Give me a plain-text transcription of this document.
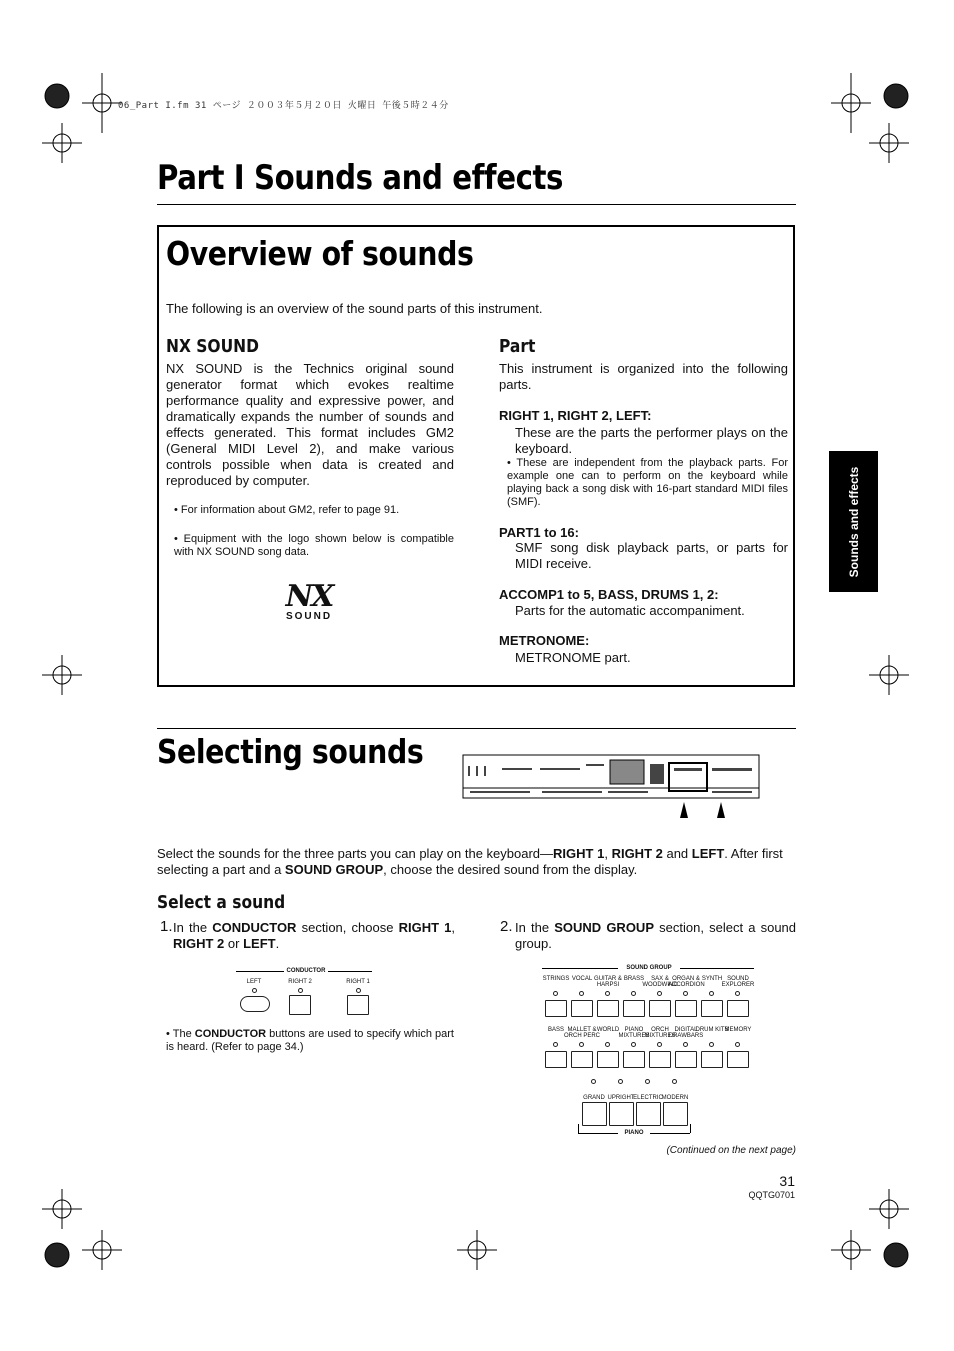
06_Part I.fm 31 ページ ２００３年５月２０日 火曜日 午後５時２４分
Part I Sounds and effects
Overview of sounds

The following is an overview of the sound parts of this instrument.

NX SOUND

NX SOUND is the Technics original sound generator format which evokes realtime performance quality and expressive power, and dramatically expands the number of sounds and effects generated. This format includes GM2 (General MIDI Level 2), and make various controls possible when data is created and reproduced by computer.

• For information about GM2, refer to page 91.

• Equipment with the logo shown below is compatible with NX SOUND song data.

NX
SOUND
Part

This instrument is organized into the following parts.

RIGHT 1, RIGHT 2, LEFT:

These are the parts the performer plays on the keyboard.

• These are independent from the playback parts. For example one can to perform on the keyboard while playing back a song disk with 16-part standard MIDI files (SMF).

PART1 to 16:

SMF song disk playback parts, or parts for MIDI receive.

ACCOMP1 to 5, BASS, DRUMS 1, 2:

Parts for the automatic accompaniment.

METRONOME:

METRONOME part.

Sounds and effects
Selecting sounds

Select the sounds for the three parts you can play on the keyboard—RIGHT 1, RIGHT 2 and LEFT. After first selecting a part and a SOUND GROUP, choose the desired sound from the display.

Select a sound
1. In the CONDUCTOR section, choose RIGHT 1, RIGHT 2 or LEFT.

CONDUCTOR
LEFT	RIGHT 2	RIGHT 1

• The CONDUCTOR buttons are used to specify which part is heard. (Refer to page 34.)

2. In the SOUND GROUP section, select a sound group.

SOUND GROUP
STRINGS VOCAL GUITAR &
HARPSI
BRASS	SAX &
WOODWIND
ORGAN &
ACCORDION
SYNTH SOUND
EXPLORER
BASS MALLET &
ORCH PERC
WORLD PIANO
MIXTURES
ORCH
MIXTURES
DIGITAL
DRAWBARS
DRUM KITS
MEMORY
GRAND UPRIGHT
ELECTRIC
MODERN
PIANO
(Continued on the next page)
31
QQTG0701
